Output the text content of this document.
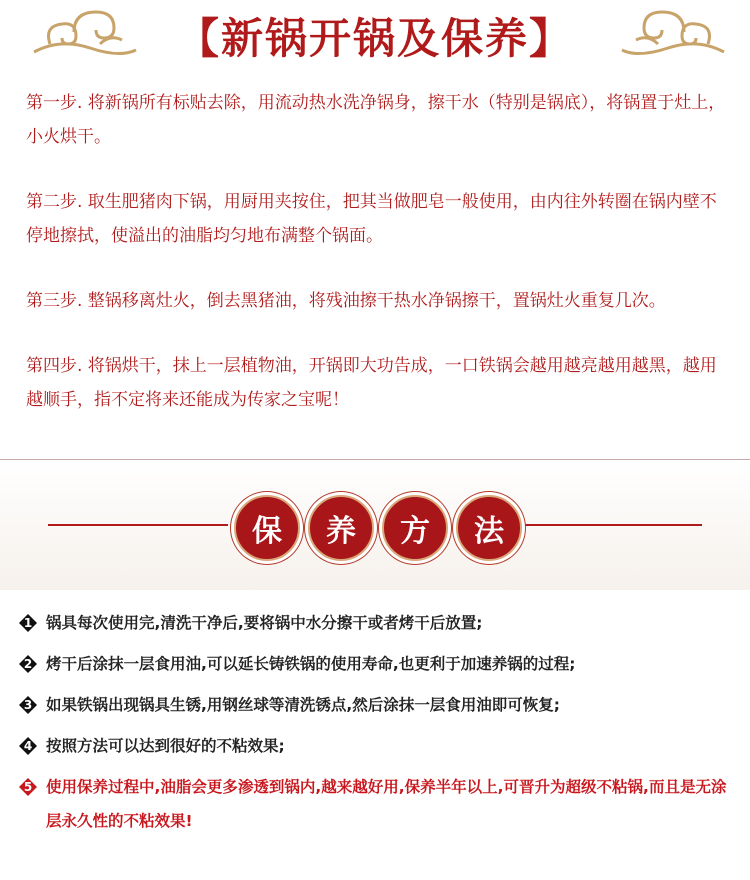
【新锅开锅及保养】

第一步. 将新锅所有标贴去除，用流动热水洗净锅身，擦干水（特别是锅底），将锅置于灶上，小火烘干。

第二步. 取生肥猪肉下锅，用厨用夹按住，把其当做肥皂一般使用，由内往外转圈在锅内壁不停地擦拭，使溢出的油脂均匀地布满整个锅面。

第三步. 整锅移离灶火，倒去黑猪油，将残油擦干热水净锅擦干，置锅灶火重复几次。

第四步. 将锅烘干，抹上一层植物油，开锅即大功告成，一口铁锅会越用越亮越用越黑，越用越顺手，指不定将来还能成为传家之宝呢！

保	养	方	法
1 锅具每次使用完,清洗干净后,要将锅中水分擦干或者烤干后放置;
2 烤干后涂抹一层食用油,可以延长铸铁锅的使用寿命,也更利于加速养锅的过程;
3 如果铁锅出现锅具生锈,用钢丝球等清洗锈点,然后涂抹一层食用油即可恢复;
4 按照方法可以达到很好的不粘效果;
5 使用保养过程中,油脂会更多渗透到锅内,越来越好用,保养半年以上,可晋升为超级不粘锅,而且是无涂层永久性的不粘效果!
